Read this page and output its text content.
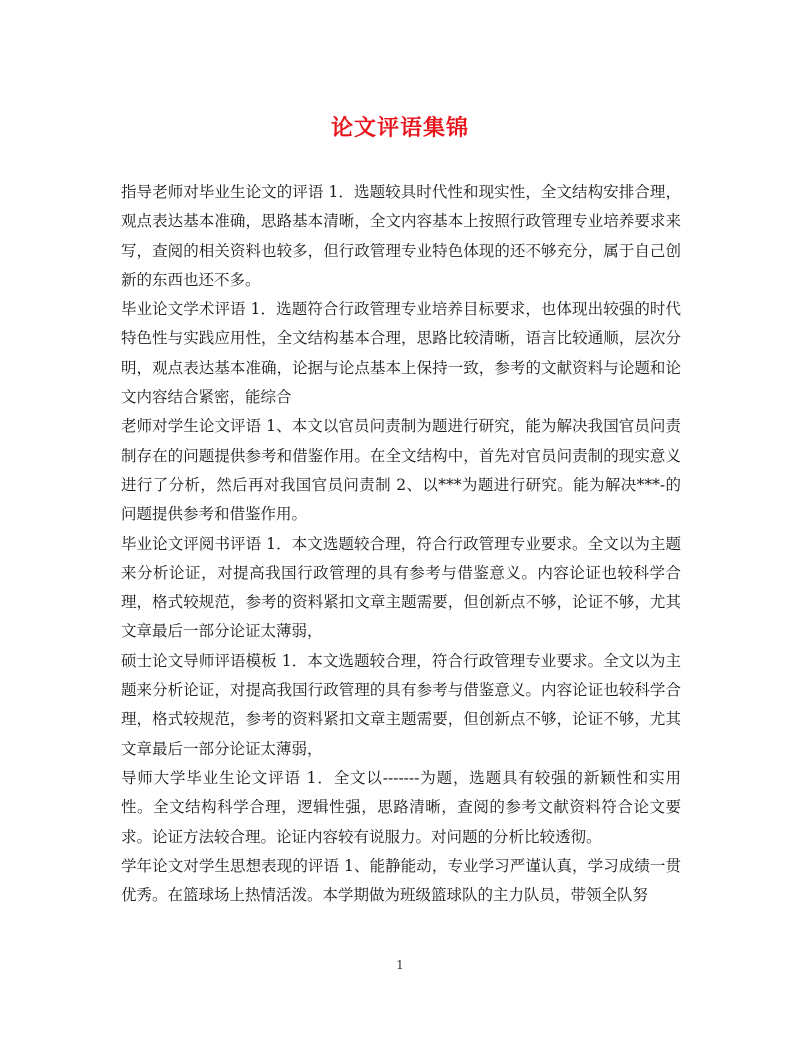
论文评语集锦

指导老师对毕业生论文的评语 1．选题较具时代性和现实性，全文结构安排合理，观点表达基本准确，思路基本清晰，全文内容基本上按照行政管理专业培养要求来写，查阅的相关资料也较多，但行政管理专业特色体现的还不够充分，属于自己创新的东西也还不多。

毕业论文学术评语 1．选题符合行政管理专业培养目标要求，也体现出较强的时代特色性与实践应用性，全文结构基本合理，思路比较清晰，语言比较通顺，层次分明，观点表达基本准确，论据与论点基本上保持一致，参考的文献资料与论题和论文内容结合紧密，能综合

老师对学生论文评语 1、本文以官员问责制为题进行研究，能为解决我国官员问责制存在的问题提供参考和借鉴作用。在全文结构中，首先对官员问责制的现实意义进行了分析，然后再对我国官员问责制 2、以***为题进行研究。能为解决***-的问题提供参考和借鉴作用。

毕业论文评阅书评语 1．本文选题较合理，符合行政管理专业要求。全文以为主题来分析论证，对提高我国行政管理的具有参考与借鉴意义。内容论证也较科学合理，格式较规范，参考的资料紧扣文章主题需要，但创新点不够，论证不够，尤其文章最后一部分论证太薄弱，

硕士论文导师评语模板 1．本文选题较合理，符合行政管理专业要求。全文以为主题来分析论证，对提高我国行政管理的具有参考与借鉴意义。内容论证也较科学合理，格式较规范，参考的资料紧扣文章主题需要，但创新点不够，论证不够，尤其文章最后一部分论证太薄弱，

导师大学毕业生论文评语 1．全文以-------为题，选题具有较强的新颖性和实用性。全文结构科学合理，逻辑性强，思路清晰，查阅的参考文献资料符合论文要求。论证方法较合理。论证内容较有说服力。对问题的分析比较透彻。

学年论文对学生思想表现的评语 1、能静能动，专业学习严谨认真，学习成绩一贯优秀。在篮球场上热情活泼。本学期做为班级篮球队的主力队员，带领全队努

1
